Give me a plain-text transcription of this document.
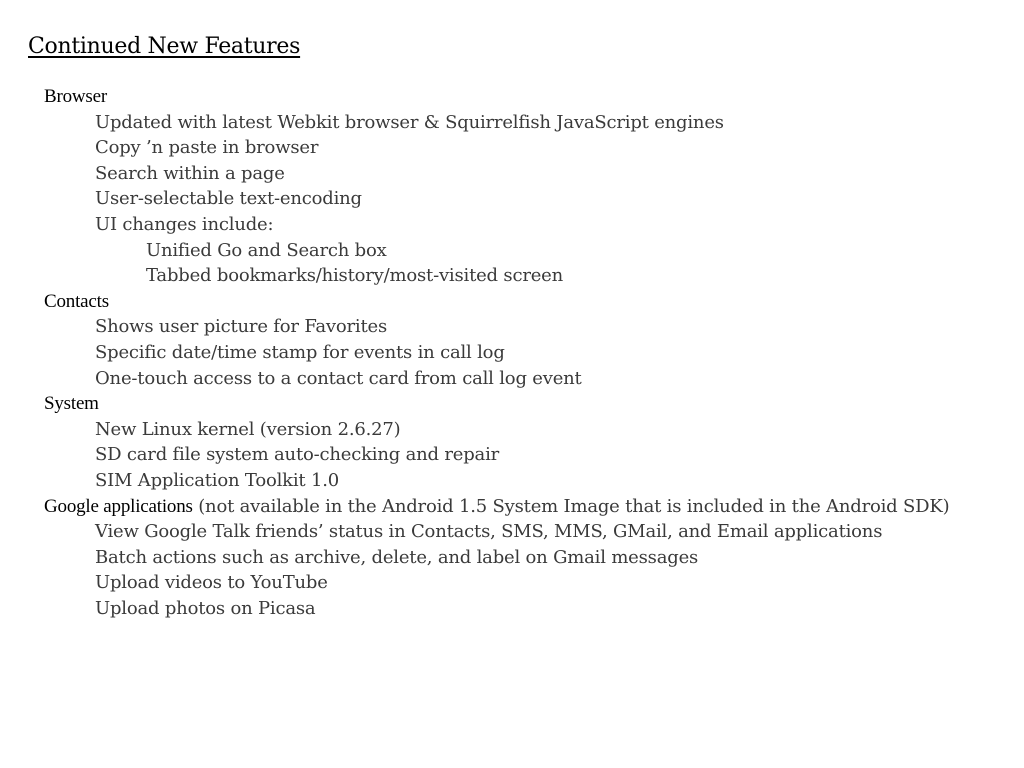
Continued New Features
Browser
Updated with latest Webkit browser & Squirrelfish JavaScript engines
Copy ’n paste in browser
Search within a page
User-selectable text-encoding
UI changes include:
Unified Go and Search box
Tabbed bookmarks/history/most-visited screen
Contacts
Shows user picture for Favorites
Specific date/time stamp for events in call log
One-touch access to a contact card from call log event
System
New Linux kernel (version 2.6.27)
SD card file system auto-checking and repair
SIM Application Toolkit 1.0
Google applications (not available in the Android 1.5 System Image that is included in the Android SDK)
View Google Talk friends’ status in Contacts, SMS, MMS, GMail, and Email applications
Batch actions such as archive, delete, and label on Gmail messages
Upload videos to YouTube
Upload photos on Picasa
